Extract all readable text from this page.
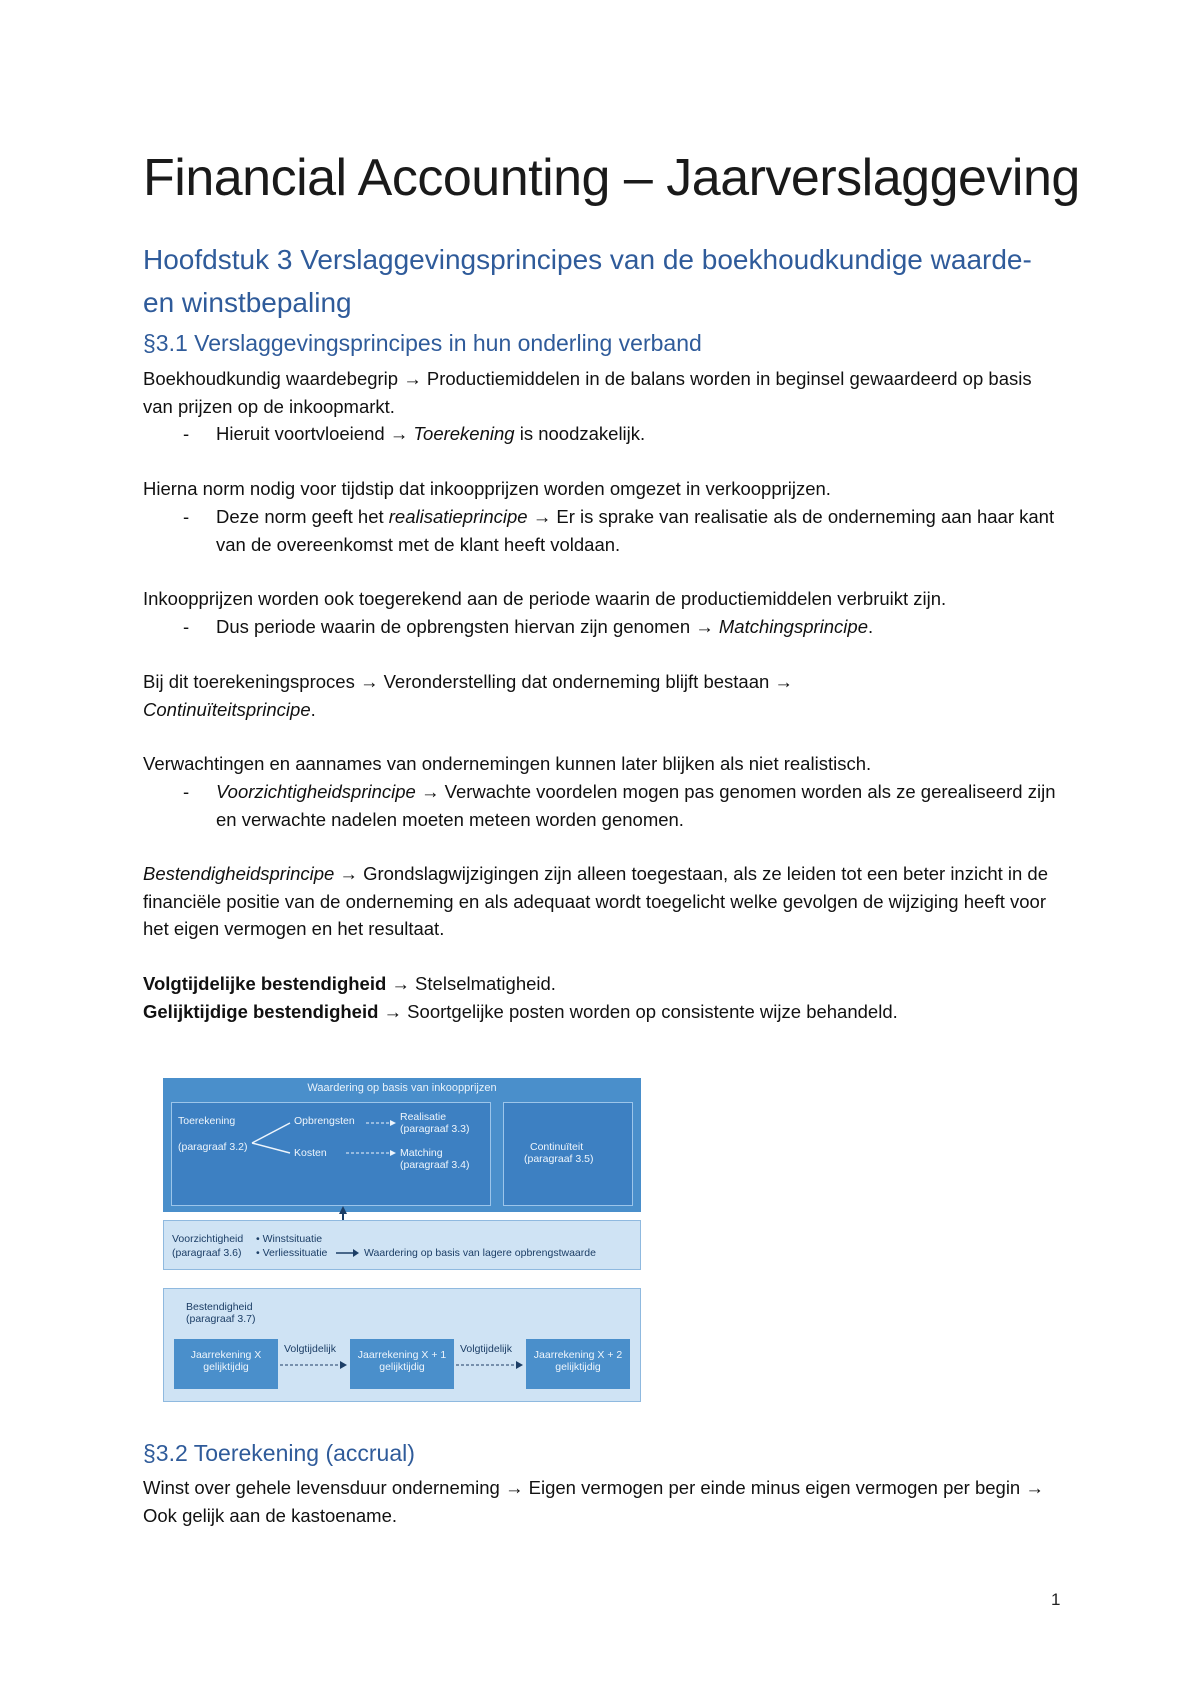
Financial Accounting – Jaarverslaggeving
Hoofdstuk 3 Verslaggevingsprincipes van de boekhoudkundige waarde- en winstbepaling
§3.1 Verslaggevingsprincipes in hun onderling verband
Boekhoudkundig waardebegrip → Productiemiddelen in de balans worden in beginsel gewaardeerd op basis van prijzen op de inkoopmarkt.
- Hieruit voortvloeiend → Toerekening is noodzakelijk.
Hierna norm nodig voor tijdstip dat inkoopprijzen worden omgezet in verkoopprijzen.
- Deze norm geeft het realisatieprincipe → Er is sprake van realisatie als de onderneming aan haar kant van de overeenkomst met de klant heeft voldaan.
Inkoopprijzen worden ook toegerekend aan de periode waarin de productiemiddelen verbruikt zijn.
- Dus periode waarin de opbrengsten hiervan zijn genomen → Matchingsprincipe.
Bij dit toerekeningsproces → Veronderstelling dat onderneming blijft bestaan → Continuïteitsprincipe.
Verwachtingen en aannames van ondernemingen kunnen later blijken als niet realistisch.
- Voorzichtigheidsprincipe → Verwachte voordelen mogen pas genomen worden als ze gerealiseerd zijn en verwachte nadelen moeten meteen worden genomen.
Bestendigheidsprincipe → Grondslagwijzigingen zijn alleen toegestaan, als ze leiden tot een beter inzicht in de financiële positie van de onderneming en als adequaat wordt toegelicht welke gevolgen de wijziging heeft voor het eigen vermogen en het resultaat.
Volgtijdelijke bestendigheid → Stelselmatigheid.
Gelijktijdige bestendigheid → Soortgelijke posten worden op consistente wijze behandeld.
Waardering op basis van inkoopprijzen
Toerekening
(paragraaf 3.2)
Opbrengsten
Kosten
Realisatie
(paragraaf 3.3)
Matching
(paragraaf 3.4)
Continuïteit
(paragraaf 3.5)
Voorzichtigheid • Winstsituatie
(paragraaf 3.6) • Verliessituatie	Waardering op basis van lagere opbrengstwaarde
Bestendigheid
(paragraaf 3.7)
Jaarrekening X
gelijktijdig
Volgtijdelijk	Jaarrekening X + 1
gelijktijdig
Volgtijdelijk	Jaarrekening X + 2
gelijktijdig
§3.2 Toerekening (accrual)
Winst over gehele levensduur onderneming → Eigen vermogen per einde minus eigen vermogen per begin → Ook gelijk aan de kastoename.
1
